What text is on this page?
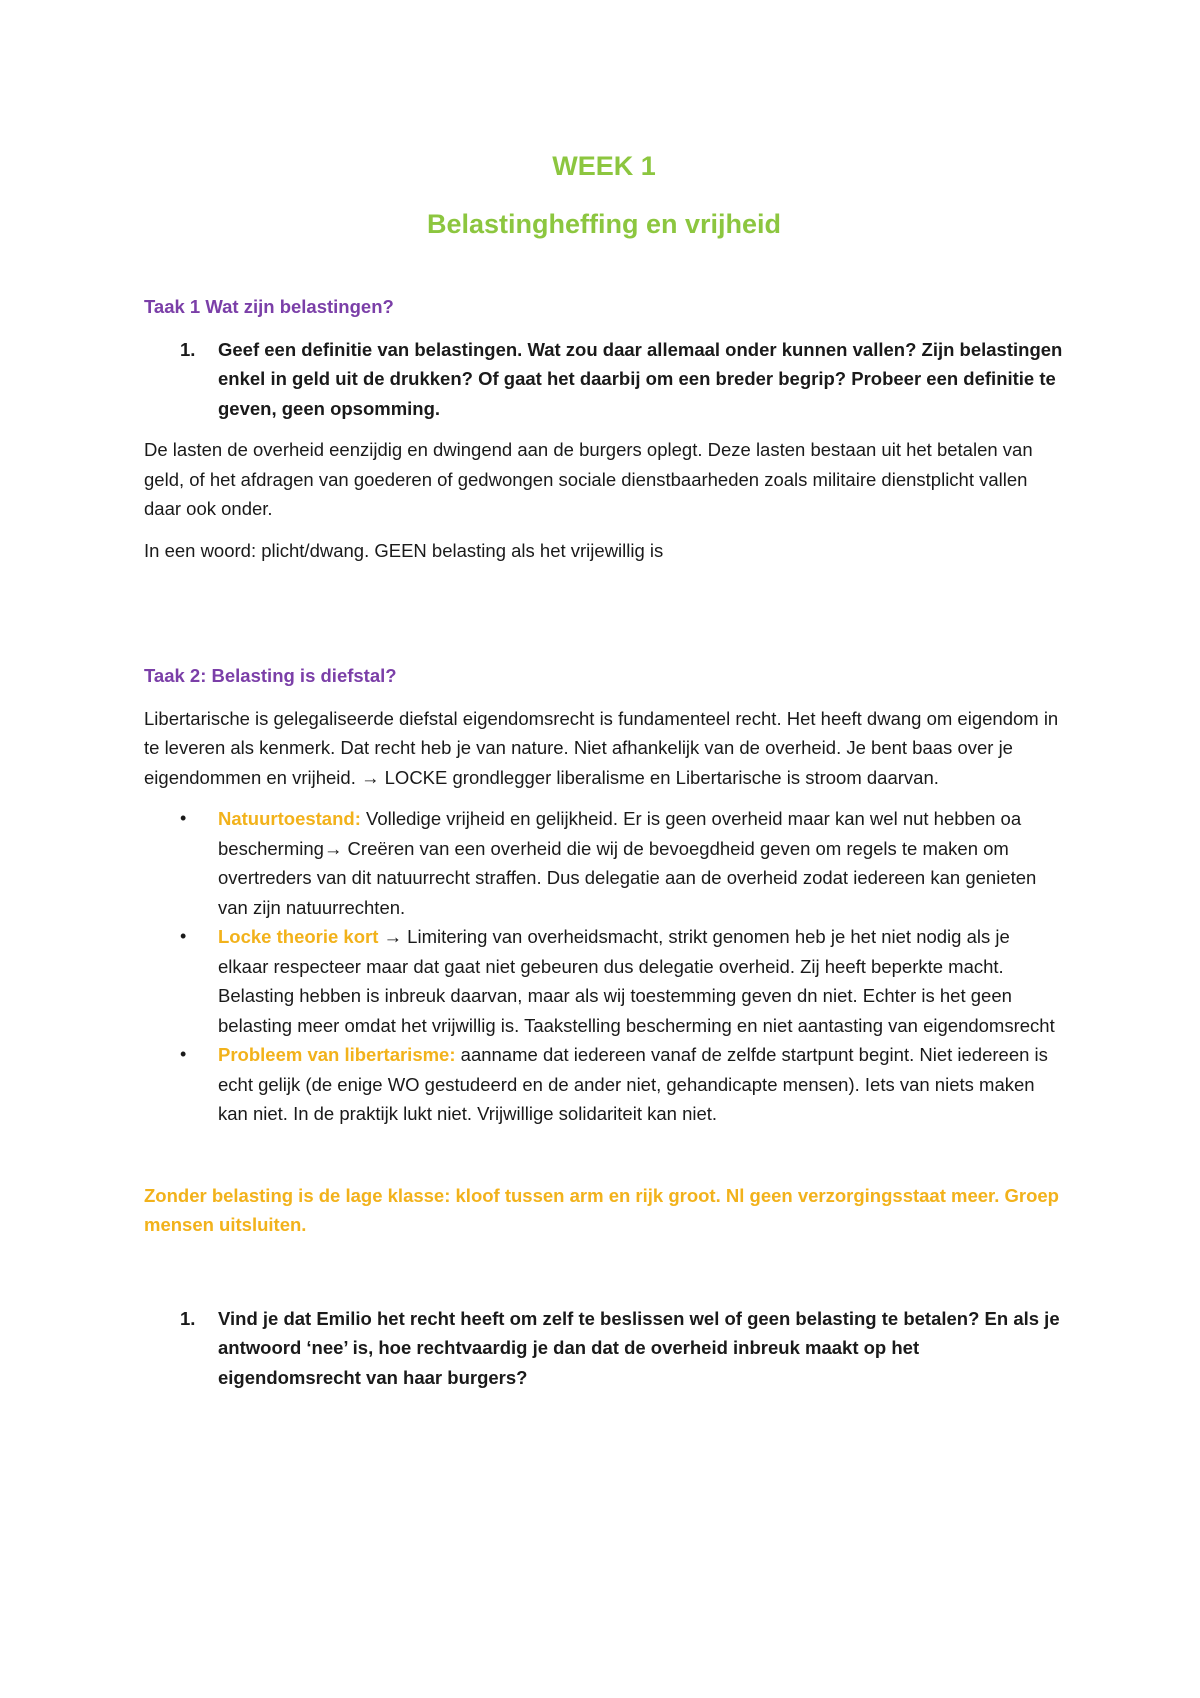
WEEK 1
Belastingheffing en vrijheid

Taak 1 Wat zijn belastingen?

1.	Geef een definitie van belastingen. Wat zou daar allemaal onder kunnen vallen? Zijn belastingen enkel in geld uit de drukken? Of gaat het daarbij om een breder begrip? Probeer een definitie te geven, geen opsomming.

De lasten de overheid eenzijdig en dwingend aan de burgers oplegt. Deze lasten bestaan uit het betalen van geld, of het afdragen van goederen of gedwongen sociale dienstbaarheden zoals militaire dienstplicht vallen daar ook onder.

In een woord: plicht/dwang. GEEN belasting als het vrijewillig is

Taak 2: Belasting is diefstal?

Libertarische is gelegaliseerde diefstal eigendomsrecht is fundamenteel recht. Het heeft dwang om eigendom in te leveren als kenmerk. Dat recht heb je van nature. Niet afhankelijk van de overheid. Je bent baas over je eigendommen en vrijheid. → LOCKE grondlegger liberalisme en Libertarische is stroom daarvan.

•	Natuurtoestand: Volledige vrijheid en gelijkheid. Er is geen overheid maar kan wel nut hebben oa bescherming→ Creëren van een overheid die wij de bevoegdheid geven om regels te maken om overtreders van dit natuurrecht straffen. Dus delegatie aan de overheid zodat iedereen kan genieten van zijn natuurrechten.
•	Locke theorie kort → Limitering van overheidsmacht, strikt genomen heb je het niet nodig als je elkaar respecteer maar dat gaat niet gebeuren dus delegatie overheid. Zij heeft beperkte macht. Belasting hebben is inbreuk daarvan, maar als wij toestemming geven dn niet. Echter is het geen belasting meer omdat het vrijwillig is. Taakstelling bescherming en niet aantasting van eigendomsrecht
•	Probleem van libertarisme: aanname dat iedereen vanaf de zelfde startpunt begint. Niet iedereen is echt gelijk (de enige WO gestudeerd en de ander niet, gehandicapte mensen). Iets van niets maken kan niet. In de praktijk lukt niet. Vrijwillige solidariteit kan niet.

Zonder belasting is de lage klasse: kloof tussen arm en rijk groot. Nl geen verzorgingsstaat meer. Groep mensen uitsluiten.

1.	Vind je dat Emilio het recht heeft om zelf te beslissen wel of geen belasting te betalen? En als je antwoord ‘nee’ is, hoe rechtvaardig je dan dat de overheid inbreuk maakt op het eigendomsrecht van haar burgers?
